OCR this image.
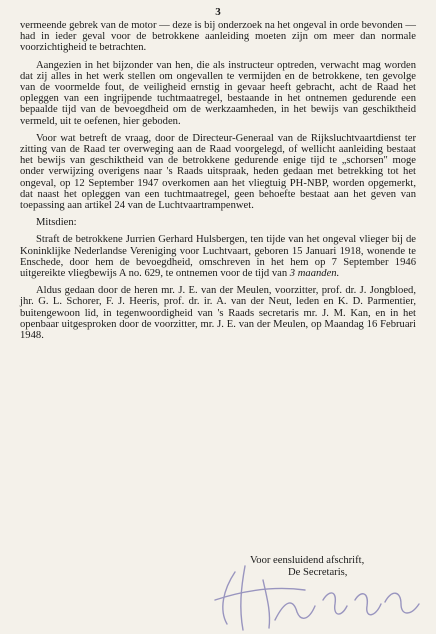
3

vermeende gebrek van de motor — deze is bij onderzoek na het ongeval in orde bevonden — had in ieder geval voor de betrokkene aanleiding moeten zijn om meer dan normale voorzichtigheid te betrachten.

Aangezien in het bijzonder van hen, die als instructeur optreden, verwacht mag worden dat zij alles in het werk stellen om ongevallen te vermijden en de betrokkene, ten gevolge van de voormelde fout, de veiligheid ernstig in gevaar heeft gebracht, acht de Raad het opleggen van een ingrijpende tuchtmaatregel, bestaande in het ontnemen gedurende een bepaalde tijd van de bevoegdheid om de werkzaamheden, in het bewijs van geschiktheid vermeld, uit te oefenen, hier geboden.

Voor wat betreft de vraag, door de Directeur-Generaal van de Rijksluchtvaartdienst ter zitting van de Raad ter overweging aan de Raad voorgelegd, of wellicht aanleiding bestaat het bewijs van geschiktheid van de betrokkene gedurende enige tijd te „schorsen" moge onder verwijzing overigens naar 's Raads uitspraak, heden gedaan met betrekking tot het ongeval, op 12 September 1947 overkomen aan het vliegtuig PH-NBP, worden opgemerkt, dat naast het opleggen van een tuchtmaatregel, geen behoefte bestaat aan het geven van toepassing aan artikel 24 van de Luchtvaartrampenwet.

Mitsdien:

Straft de betrokkene Jurrien Gerhard Hulsbergen, ten tijde van het ongeval vlieger bij de Koninklijke Nederlandse Vereniging voor Luchtvaart, geboren 15 Januari 1918, wonende te Enschede, door hem de bevoegdheid, omschreven in het hem op 7 September 1946 uitgereikte vliegbewijs A no. 629, te ontnemen voor de tijd van 3 maanden.

Aldus gedaan door de heren mr. J. E. van der Meulen, voorzitter, prof. dr. J. Jongbloed, jhr. G. L. Schorer, F. J. Heeris, prof. dr. ir. A. van der Neut, leden en K. D. Parmentier, buitengewoon lid, in tegenwoordigheid van 's Raads secretaris mr. J. M. Kan, en in het openbaar uitgesproken door de voorzitter, mr. J. E. van der Meulen, op Maandag 16 Februari 1948.

Voor eensluidend afschrift,
De Secretaris,
